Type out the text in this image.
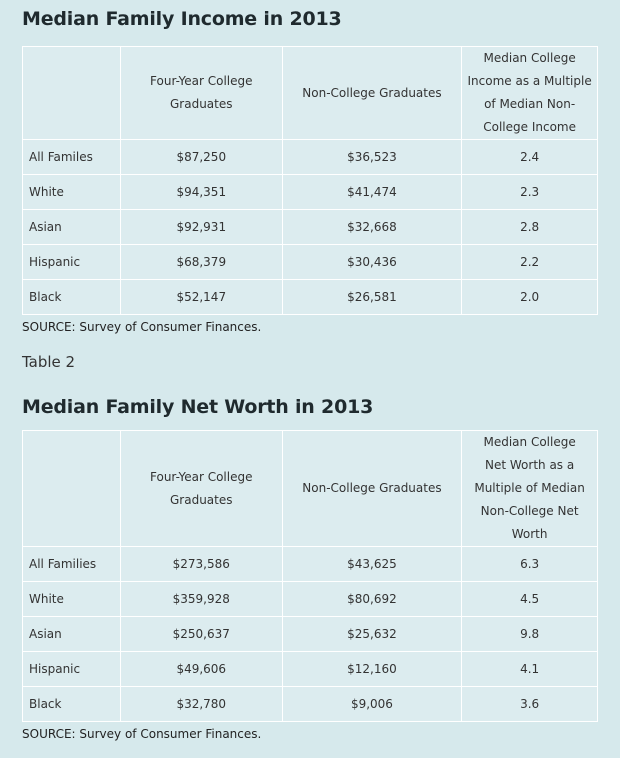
Median Family Income in 2013
	Four-Year College Graduates	Non-College Graduates	Median College Income as a Multiple of Median Non-College Income
All Familes	$87,250	$36,523	2.4
White	$94,351	$41,474	2.3
Asian	$92,931	$32,668	2.8
Hispanic	$68,379	$30,436	2.2
Black	$52,147	$26,581	2.0
SOURCE: Survey of Consumer Finances.
Table 2
Median Family Net Worth in 2013
	Four-Year College Graduates	Non-College Graduates	Median College Net Worth as a Multiple of Median Non-College Net Worth
All Families	$273,586	$43,625	6.3
White	$359,928	$80,692	4.5
Asian	$250,637	$25,632	9.8
Hispanic	$49,606	$12,160	4.1
Black	$32,780	$9,006	3.6
SOURCE: Survey of Consumer Finances.
